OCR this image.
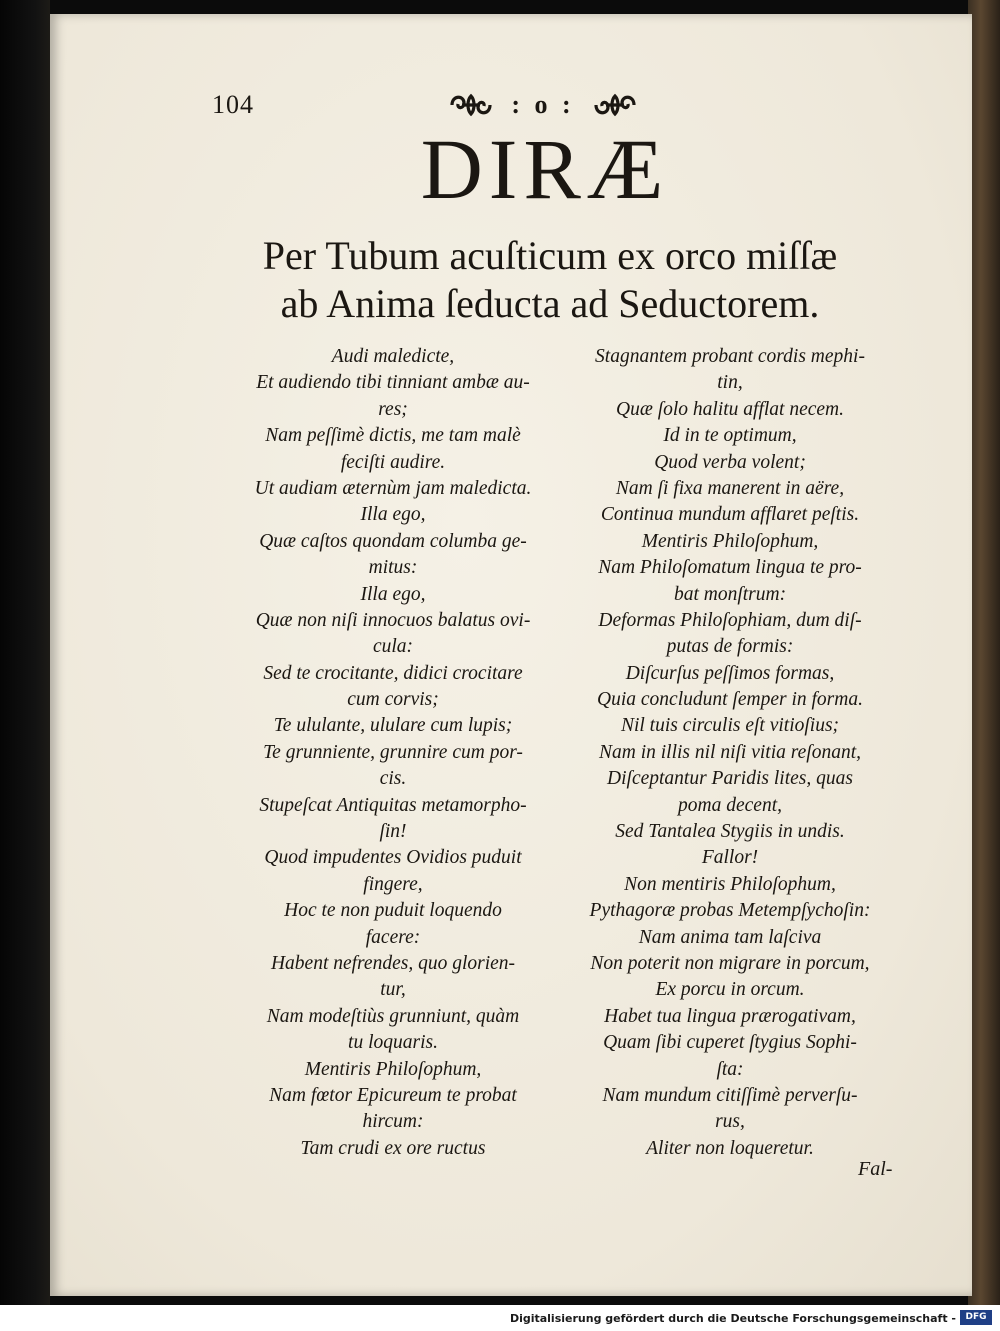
104	: o :
DIRÆ
Per Tubum acuſticum ex orco miſſæ
ab Anima ſeducta ad Seductorem.
Audi maledicte,
Et audiendo tibi tinniant ambæ au-
res;
Nam peſſimè dictis, me tam malè
feciſti audire.
Ut audiam æternùm jam maledicta.
Illa ego,
Quæ caſtos quondam columba ge-
mitus:
Illa ego,
Quæ non niſi innocuos balatus ovi-
cula:
Sed te crocitante, didici crocitare
cum corvis;
Te ululante, ululare cum lupis;
Te grunniente, grunnire cum por-
cis.
Stupeſcat Antiquitas metamorpho-
ſin!
Quod impudentes Ovidios puduit
fingere,
Hoc te non puduit loquendo
facere:
Habent nefrendes, quo glorien-
tur,
Nam modeſtiùs grunniunt, quàm
tu loquaris.
Mentiris Philoſophum,
Nam fœtor Epicureum te probat
hircum:
Tam crudi ex ore ructus
Stagnantem probant cordis mephi-
tin,
Quæ ſolo halitu afflat necem.
Id in te optimum,
Quod verba volent;
Nam ſi fixa manerent in aëre,
Continua mundum afflaret peſtis.
Mentiris Philoſophum,
Nam Philoſomatum lingua te pro-
bat monſtrum:
Deformas Philoſophiam, dum diſ-
putas de formis:
Diſcurſus peſſimos formas,
Quia concludunt ſemper in forma.
Nil tuis circulis eſt vitioſius;
Nam in illis nil niſi vitia reſonant,
Diſceptantur Paridis lites, quas
poma decent,
Sed Tantalea Stygiis in undis.
Fallor!
Non mentiris Philoſophum,
Pythagoræ probas Metempſychoſin:
Nam anima tam laſciva
Non poterit non migrare in porcum,
Ex porcu in orcum.
Habet tua lingua prærogativam,
Quam ſibi cuperet ſtygius Sophi-
ſta:
Nam mundum citiſſimè perverſu-
rus,
Aliter non loqueretur.
Fal-
Digitalisierung gefördert durch die Deutsche Forschungsgemeinschaft -	DFG
